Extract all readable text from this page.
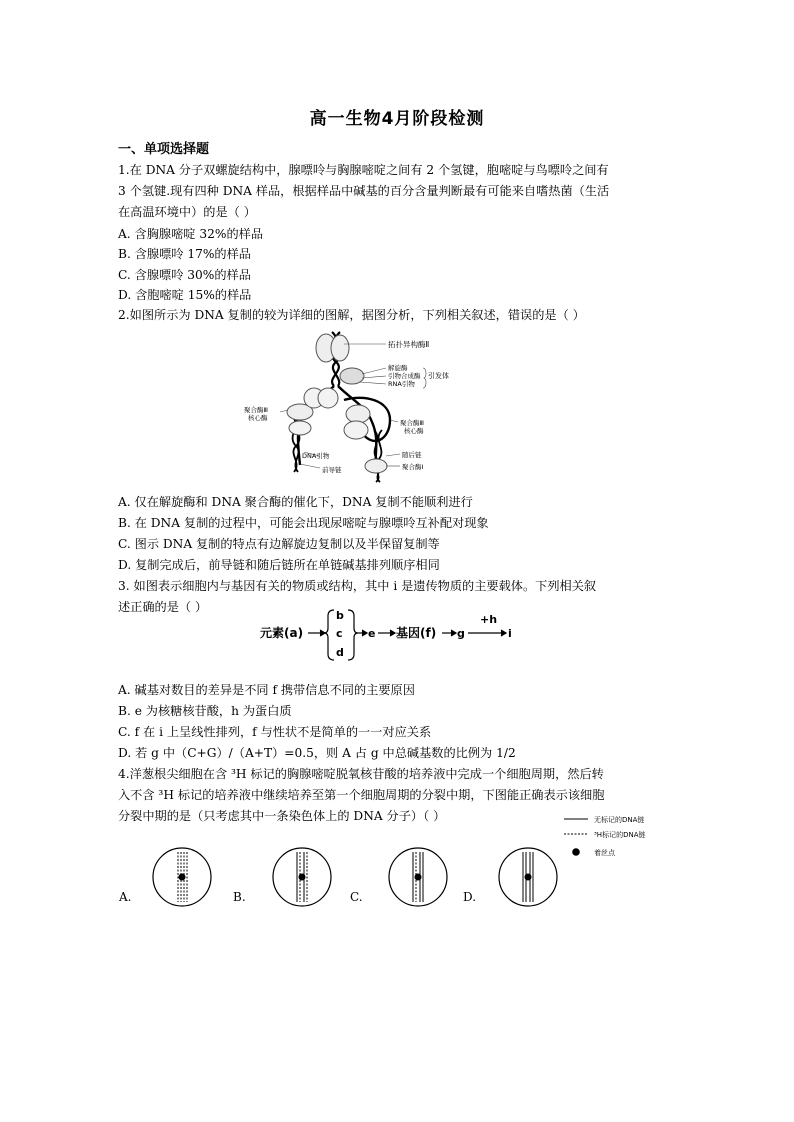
高一生物4月阶段检测
一、单项选择题
1.在 DNA 分子双螺旋结构中，腺嘌呤与胸腺嘧啶之间有 2 个氢键，胞嘧啶与鸟嘌呤之间有
3 个氢键.现有四种 DNA 样品，根据样品中碱基的百分含量判断最有可能来自嗜热菌（生活
在高温环境中）的是（ ）
A. 含胸腺嘧啶 32%的样品
B. 含腺嘌呤 17%的样品
C. 含腺嘌呤 30%的样品
D. 含胞嘧啶 15%的样品
2.如图所示为 DNA 复制的较为详细的图解，据图分析，下列相关叙述，错误的是（ ）
拓扑异构酶Ⅱ
解旋酶
引物合成酶
RNA引物
引发体
聚合酶Ⅲ
核心酶
聚合酶Ⅲ
核心酶
DNA引物
前导链
随后链
聚合酶Ⅰ
A. 仅在解旋酶和 DNA 聚合酶的催化下，DNA 复制不能顺利进行
B. 在 DNA 复制的过程中，可能会出现尿嘧啶与腺嘌呤互补配对现象
C. 图示 DNA 复制的特点有边解旋边复制以及半保留复制等
D. 复制完成后，前导链和随后链所在单链碱基排列顺序相同
3. 如图表示细胞内与基因有关的物质或结构，其中 i 是遗传物质的主要载体。下列相关叙
述正确的是（ ）
元素(a)
b
c
d
e 基因(f) g
+h
i
A. 碱基对数目的差异是不同 f 携带信息不同的主要原因
B. e 为核糖核苷酸，h 为蛋白质
C. f 在 i 上呈线性排列，f 与性状不是简单的一一对应关系
D. 若 g 中（C+G）/（A+T）=0.5，则 A 占 g 中总碱基数的比例为 1/2
4.洋葱根尖细胞在含 ³H 标记的胸腺嘧啶脱氧核苷酸的培养液中完成一个细胞周期，然后转
入不含 ³H 标记的培养液中继续培养至第一个细胞周期的分裂中期，下图能正确表示该细胞
分裂中期的是（只考虑其中一条染色体上的 DNA 分子）（ ）	无标记的DNA链
³H标记的DNA链
着丝点
A.	B.	C.	D.
